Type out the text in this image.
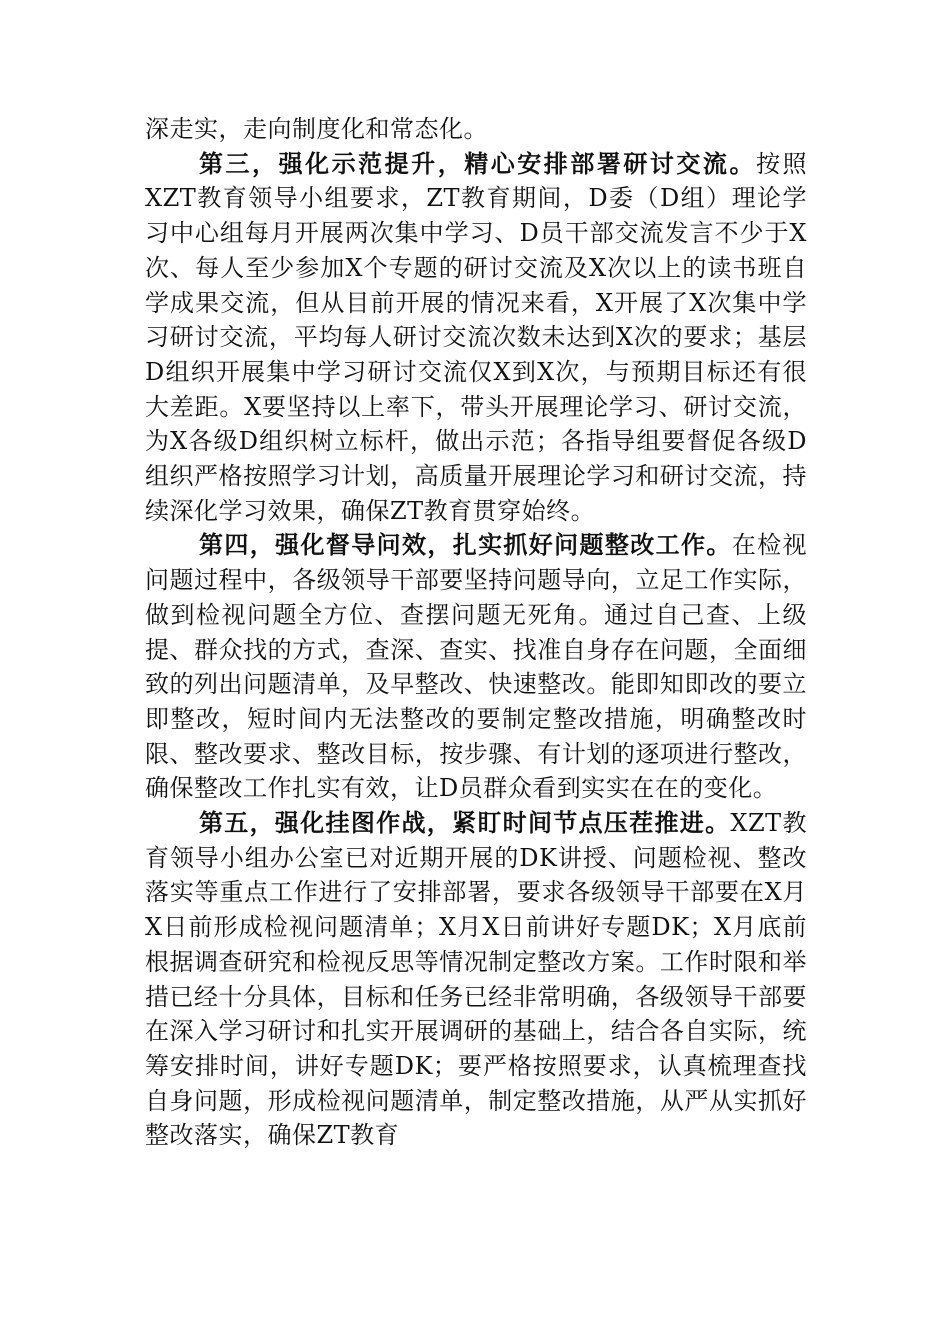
深走实，走向制度化和常态化。

第三，强化示范提升，精心安排部署研讨交流。按照XZT教育领导小组要求，ZT教育期间，D委（D组）理论学习中心组每月开展两次集中学习、D员干部交流发言不少于X次、每人至少参加X个专题的研讨交流及X次以上的读书班自学成果交流，但从目前开展的情况来看，X开展了X次集中学习研讨交流，平均每人研讨交流次数未达到X次的要求；基层D组织开展集中学习研讨交流仅X到X次，与预期目标还有很大差距。X要坚持以上率下，带头开展理论学习、研讨交流，为X各级D组织树立标杆，做出示范；各指导组要督促各级D组织严格按照学习计划，高质量开展理论学习和研讨交流，持续深化学习效果，确保ZT教育贯穿始终。

第四，强化督导问效，扎实抓好问题整改工作。在检视问题过程中，各级领导干部要坚持问题导向，立足工作实际，做到检视问题全方位、查摆问题无死角。通过自己查、上级提、群众找的方式，查深、查实、找准自身存在问题，全面细致的列出问题清单，及早整改、快速整改。能即知即改的要立即整改，短时间内无法整改的要制定整改措施，明确整改时限、整改要求、整改目标，按步骤、有计划的逐项进行整改，确保整改工作扎实有效，让D员群众看到实实在在的变化。

第五，强化挂图作战，紧盯时间节点压茬推进。XZT教育领导小组办公室已对近期开展的DK讲授、问题检视、整改落实等重点工作进行了安排部署，要求各级领导干部要在X月X日前形成检视问题清单；X月X日前讲好专题DK；X月底前根据调查研究和检视反思等情况制定整改方案。工作时限和举措已经十分具体，目标和任务已经非常明确，各级领导干部要在深入学习研讨和扎实开展调研的基础上，结合各自实际，统筹安排时间，讲好专题DK；要严格按照要求，认真梳理查找自身问题，形成检视问题清单，制定整改措施，从严从实抓好整改落实，确保ZT教育
